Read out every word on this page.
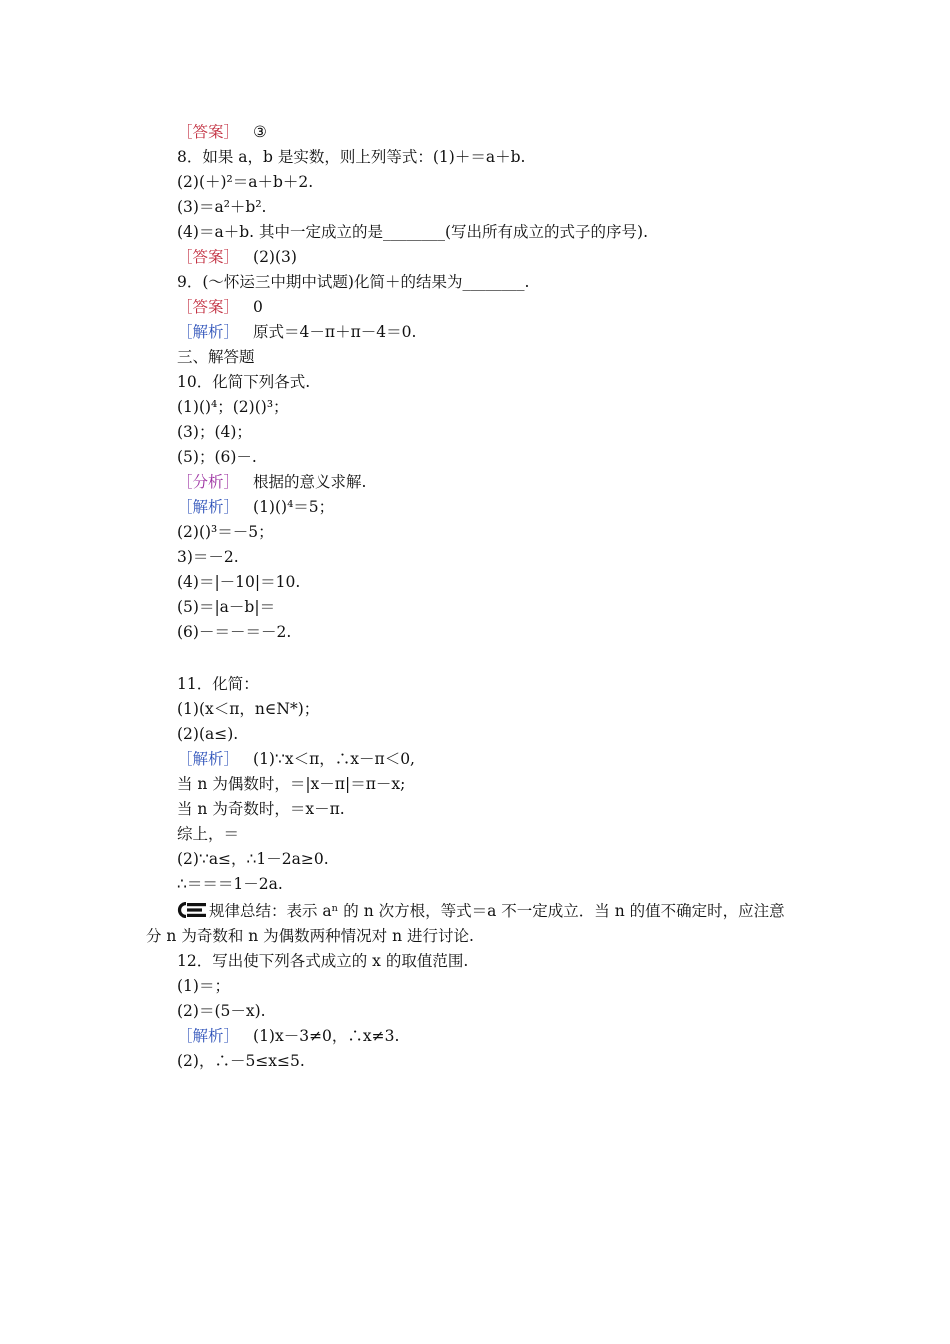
［答案］ ③
8．如果 a，b 是实数，则上列等式：(1)＋＝a＋b.
(2)(＋)²＝a＋b＋2.
(3)＝a²＋b².
(4)＝a＋b. 其中一定成立的是________(写出所有成立的式子的序号).
［答案］ (2)(3)
9．(～怀运三中期中试题)化简＋的结果为________.
［答案］ 0
［解析］ 原式＝4－π＋π－4＝0.
三、解答题
10．化简下列各式.
(1)()⁴；(2)()³；
(3)；(4)；
(5)；(6)－.
［分析］ 根据的意义求解.
［解析］ (1)()⁴＝5；
(2)()³＝－5；
3)＝－2.
(4)＝|－10|＝10.
(5)＝|a－b|＝
(6)－＝－＝－2.
11．化简：
(1)(x＜π，n∈N*)；
(2)(a≤).
［解析］ (1)∵x＜π，∴x－π＜0,
当 n 为偶数时，＝|x－π|＝π－x;
当 n 为奇数时，＝x－π.
综上，＝
(2)∵a≤，∴1－2a≥0.
∴＝＝＝1－2a.
规律总结：表示 aⁿ 的 n 次方根，等式＝a 不一定成立．当 n 的值不确定时，应注意
分 n 为奇数和 n 为偶数两种情况对 n 进行讨论.
12．写出使下列各式成立的 x 的取值范围.
(1)＝；
(2)＝(5－x).
［解析］ (1)x－3≠0，∴x≠3.
(2)，∴－5≤x≤5.
